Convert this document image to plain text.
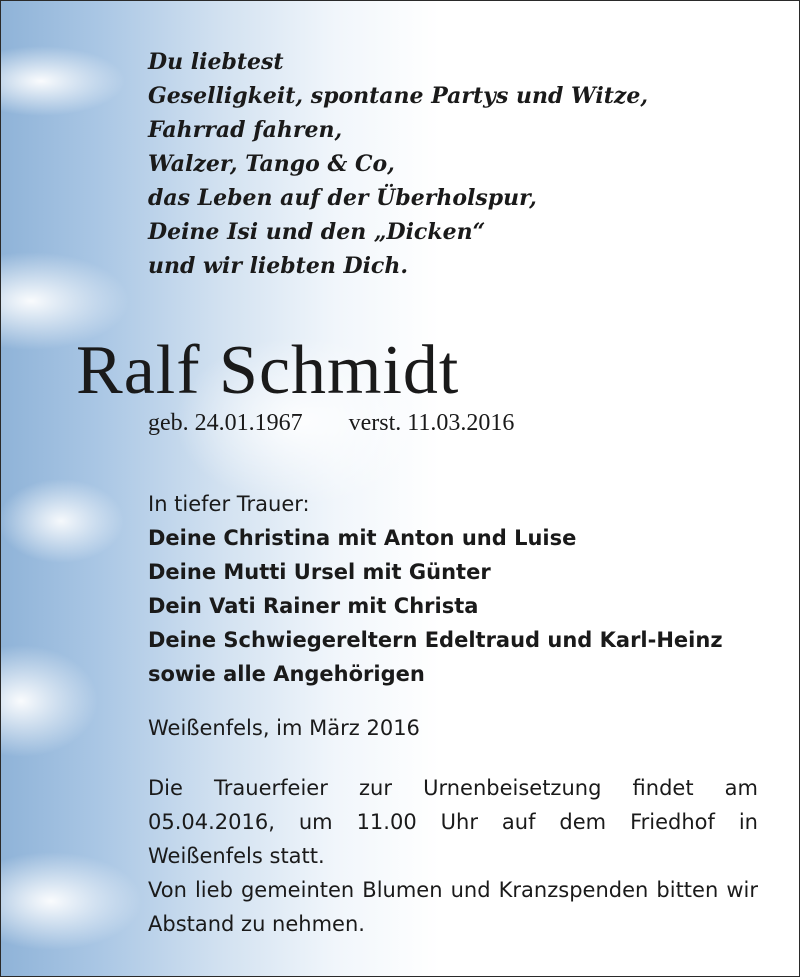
Du liebtest
Geselligkeit, spontane Partys und Witze,
Fahrrad fahren,
Walzer, Tango & Co,
das Leben auf der Überholspur,
Deine Isi und den „Dicken“
und wir liebten Dich.
Ralf Schmidt
geb. 24.01.1967 verst. 11.03.2016
In tiefer Trauer:
Deine Christina mit Anton und Luise
Deine Mutti Ursel mit Günter
Dein Vati Rainer mit Christa
Deine Schwiegereltern Edeltraud und Karl-Heinz
sowie alle Angehörigen
Weißenfels, im März 2016

Die Trauerfeier zur Urnenbeisetzung findet am 05.04.2016, um 11.00 Uhr auf dem Friedhof in Weißenfels statt.

Von lieb gemeinten Blumen und Kranzspenden bitten wir Abstand zu nehmen.
